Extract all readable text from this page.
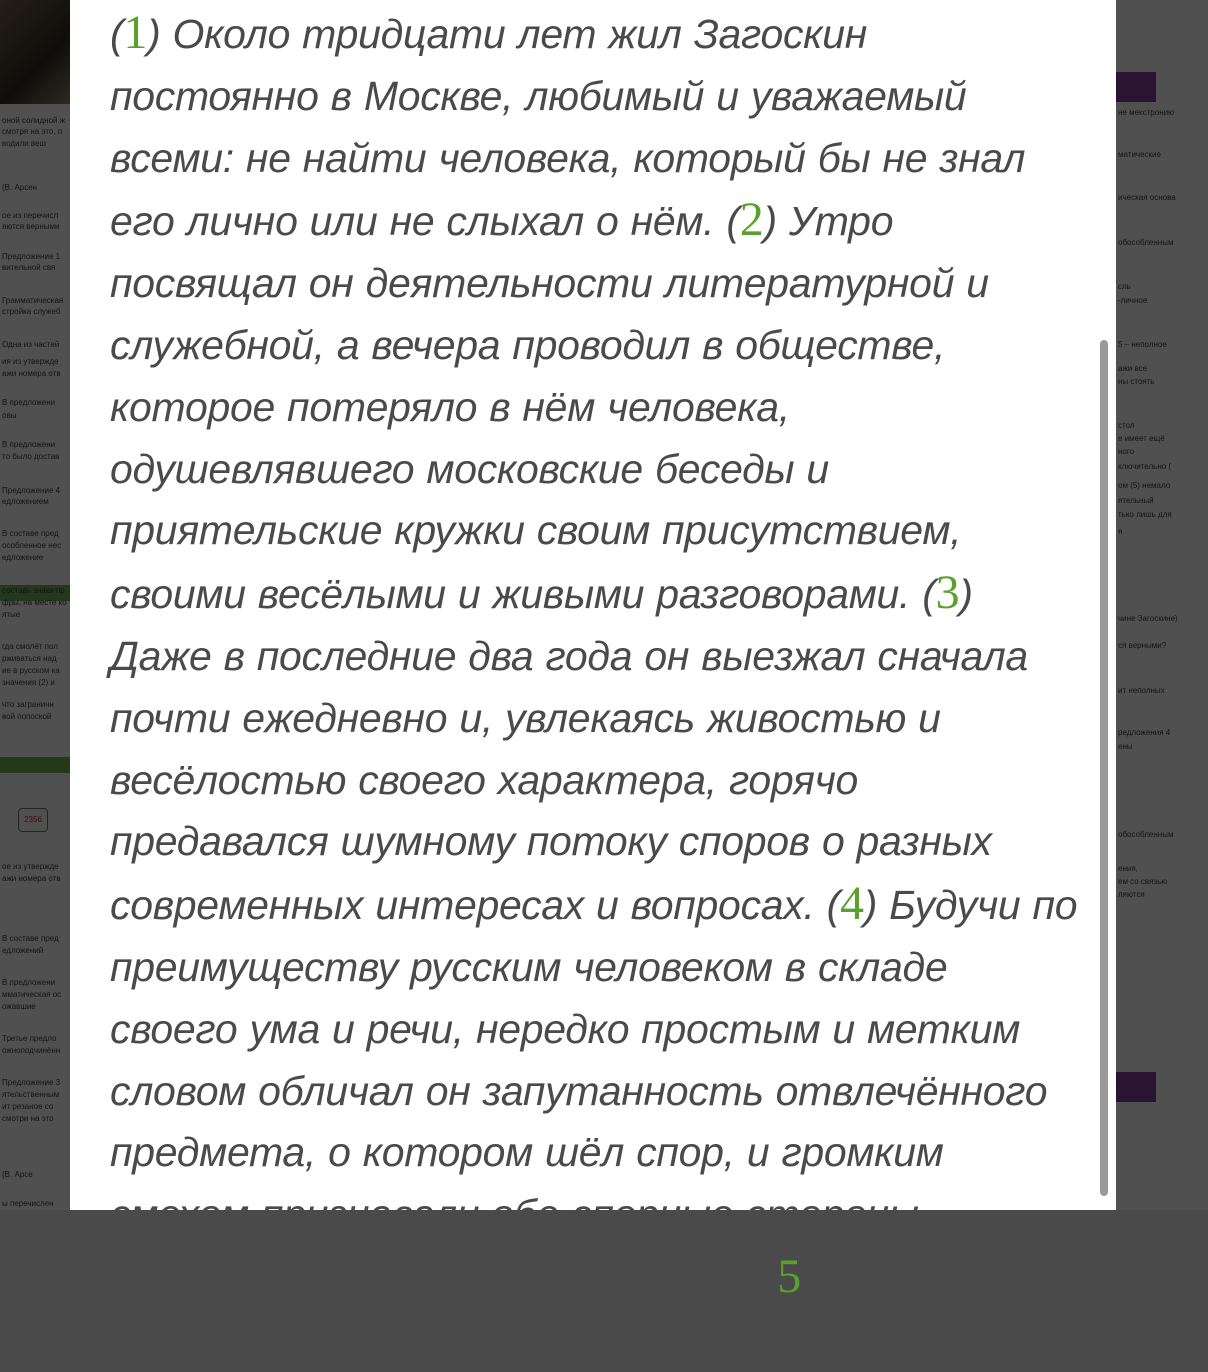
(1) Около тридцати лет жил Загоскин постоянно в Москве, любимый и уважаемый всеми: не найти человека, который бы не знал его лично или не слыхал о нём. (2) Утро посвящал он деятельности литературной и служебной, а вечера проводил в обществе, которое потеряло в нём человека, одушевлявшего московские беседы и приятельские кружки своим присутствием, своими весёлыми и живыми разговорами. (3) Даже в последние два года он выезжал сначала почти ежедневно и, увлекаясь живостью и весёлостью своего характера, горячо предавался шумному потоку споров о разных современных интересах и вопросах. (4) Будучи по преимуществу русским человеком в складе своего ума и речи, нередко простым и метким словом обличал он запутанность отвлечённого предмета, о котором шёл спор, и громким смехом признавали обе спорные стороны верность живописного эпитета. (5) Тяжело, грустно
